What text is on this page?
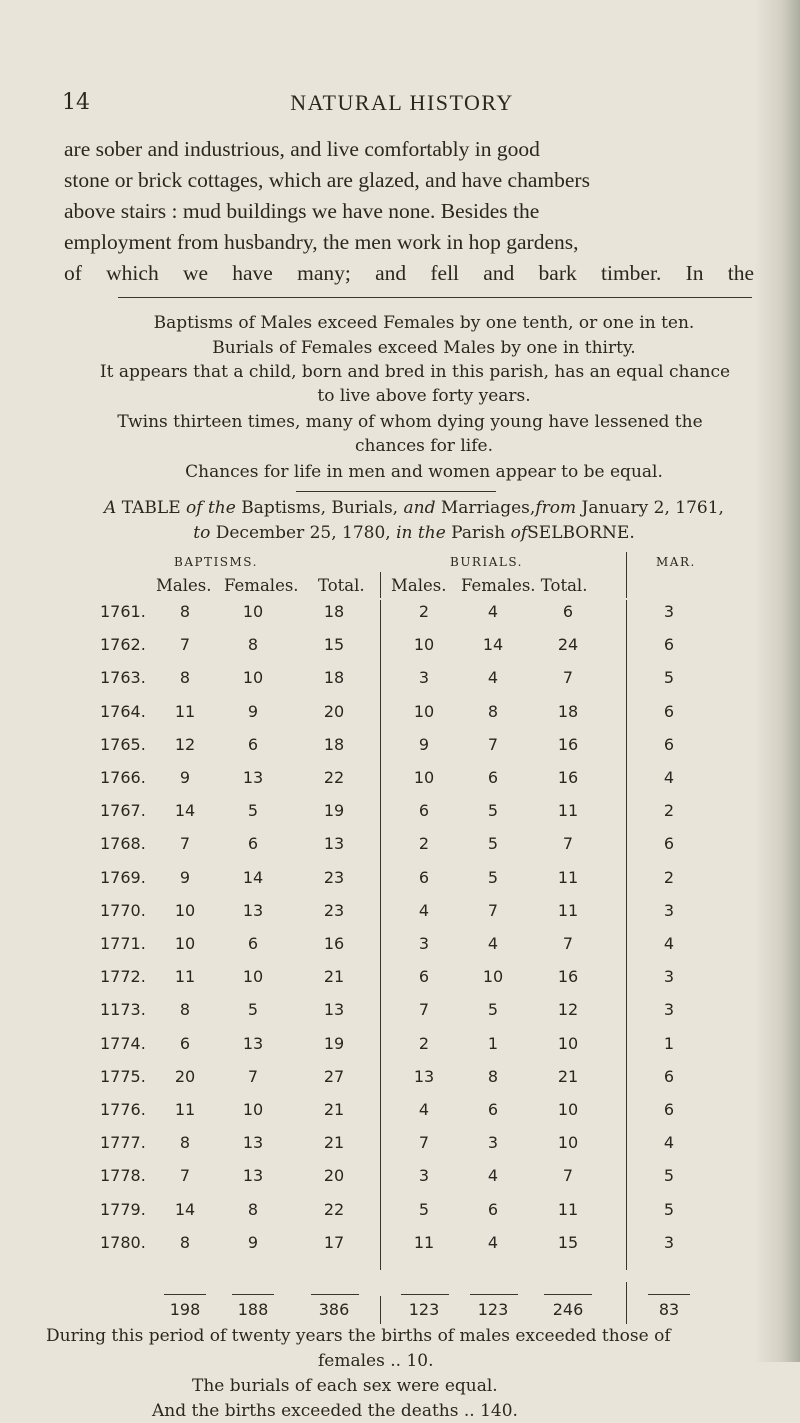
14	NATURAL HISTORY
are sober and industrious, and live comfortably in good
stone or brick cottages, which are glazed, and have chambers
above stairs : mud buildings we have none. Besides the
employment from husbandry, the men work in hop gardens,
of which we have many; and fell and bark timber. In the
Baptisms of Males exceed Females by one tenth, or one in ten.
Burials of Females exceed Males by one in thirty.
It appears that a child, born and bred in this parish, has an equal chance
to live above forty years.
Twins thirteen times, many of whom dying young have lessened the
chances for life.
Chances for life in men and women appear to be equal.
A TABLE of the Baptisms, Burials, and Marriages,from January 2, 1761,
to December 25, 1780, in the Parish ofSELBORNE.
BAPTISMS.	BURIALS.	MAR.
Males. Females. Total. Males. Females. Total.
1761.	8	10	18	2	4	6	3
1762.	7	8	15	10	14	24	6
1763.	8	10	18	3	4	7	5
1764.	11	9	20	10	8	18	6
1765.	12	6	18	9	7	16	6
1766.	9	13	22	10	6	16	4
1767.	14	5	19	6	5	11	2
1768.	7	6	13	2	5	7	6
1769.	9	14	23	6	5	11	2
1770.	10	13	23	4	7	11	3
1771.	10	6	16	3	4	7	4
1772.	11	10	21	6	10	16	3
1173.	8	5	13	7	5	12	3
1774.	6	13	19	2	1	10	1
1775.	20	7	27	13	8	21	6
1776.	11	10	21	4	6	10	6
1777.	8	13	21	7	3	10	4
1778.	7	13	20	3	4	7	5
1779.	14	8	22	5	6	11	5
1780.	8	9	17	11	4	15	3
198	188	386	123	123	246	83
During this period of twenty years the births of males exceeded those of
females .. 10.
The burials of each sex were equal.
And the births exceeded the deaths .. 140.
